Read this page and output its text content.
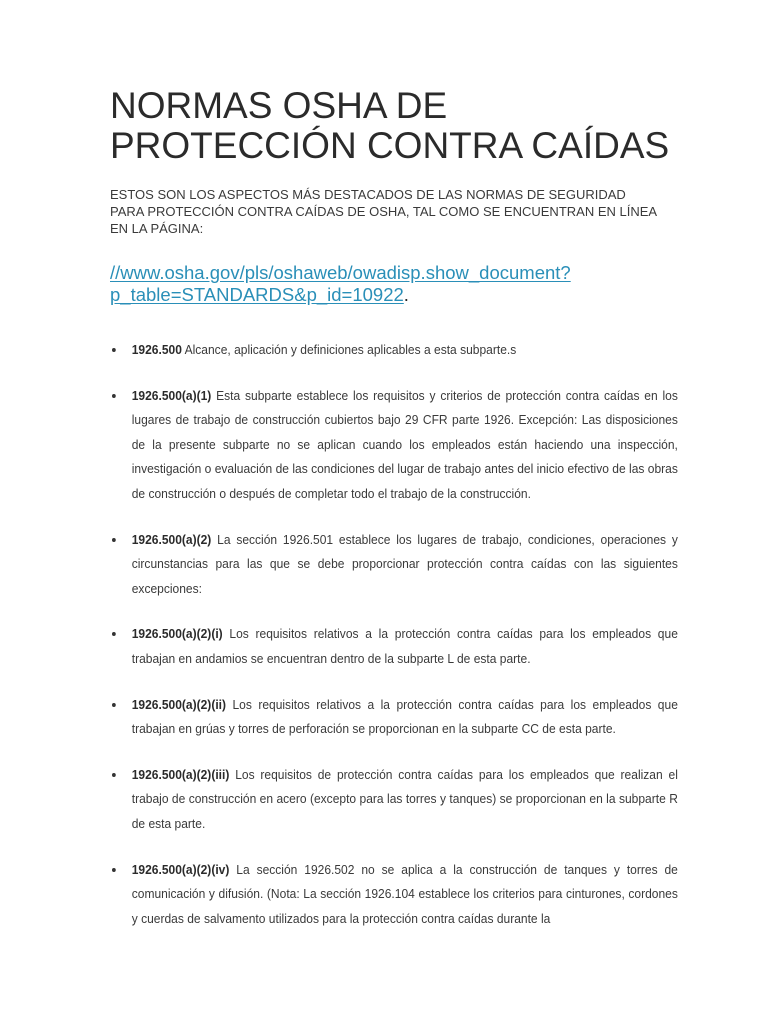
NORMAS OSHA DE
PROTECCIÓN CONTRA CAÍDAS

ESTOS SON LOS ASPECTOS MÁS DESTACADOS DE LAS NORMAS DE SEGURIDAD PARA PROTECCIÓN CONTRA CAÍDAS DE OSHA, TAL COMO SE ENCUENTRAN EN LÍNEA EN LA PÁGINA:

//www.osha.gov/pls/oshaweb/owadisp.show_document?p_table=STANDARDS&p_id=10922.

1926.500 Alcance, aplicación y definiciones aplicables a esta subparte.s
1926.500(a)(1) Esta subparte establece los requisitos y criterios de protección contra caídas en los lugares de trabajo de construcción cubiertos bajo 29 CFR parte 1926. Excepción: Las disposiciones de la presente subparte no se aplican cuando los empleados están haciendo una inspección, investigación o evaluación de las condiciones del lugar de trabajo antes del inicio efectivo de las obras de construcción o después de completar todo el trabajo de la construcción.
1926.500(a)(2) La sección 1926.501 establece los lugares de trabajo, condiciones, operaciones y circunstancias para las que se debe proporcionar protección contra caídas con las siguientes excepciones:
1926.500(a)(2)(i) Los requisitos relativos a la protección contra caídas para los empleados que trabajan en andamios se encuentran dentro de la subparte L de esta parte.
1926.500(a)(2)(ii) Los requisitos relativos a la protección contra caídas para los empleados que trabajan en grúas y torres de perforación se proporcionan en la subparte CC de esta parte.
1926.500(a)(2)(iii) Los requisitos de protección contra caídas para los empleados que realizan el trabajo de construcción en acero (excepto para las torres y tanques) se proporcionan en la subparte R de esta parte.
1926.500(a)(2)(iv) La sección 1926.502 no se aplica a la construcción de tanques y torres de comunicación y difusión. (Nota: La sección 1926.104 establece los criterios para cinturones, cordones y cuerdas de salvamento utilizados para la protección contra caídas durante la
